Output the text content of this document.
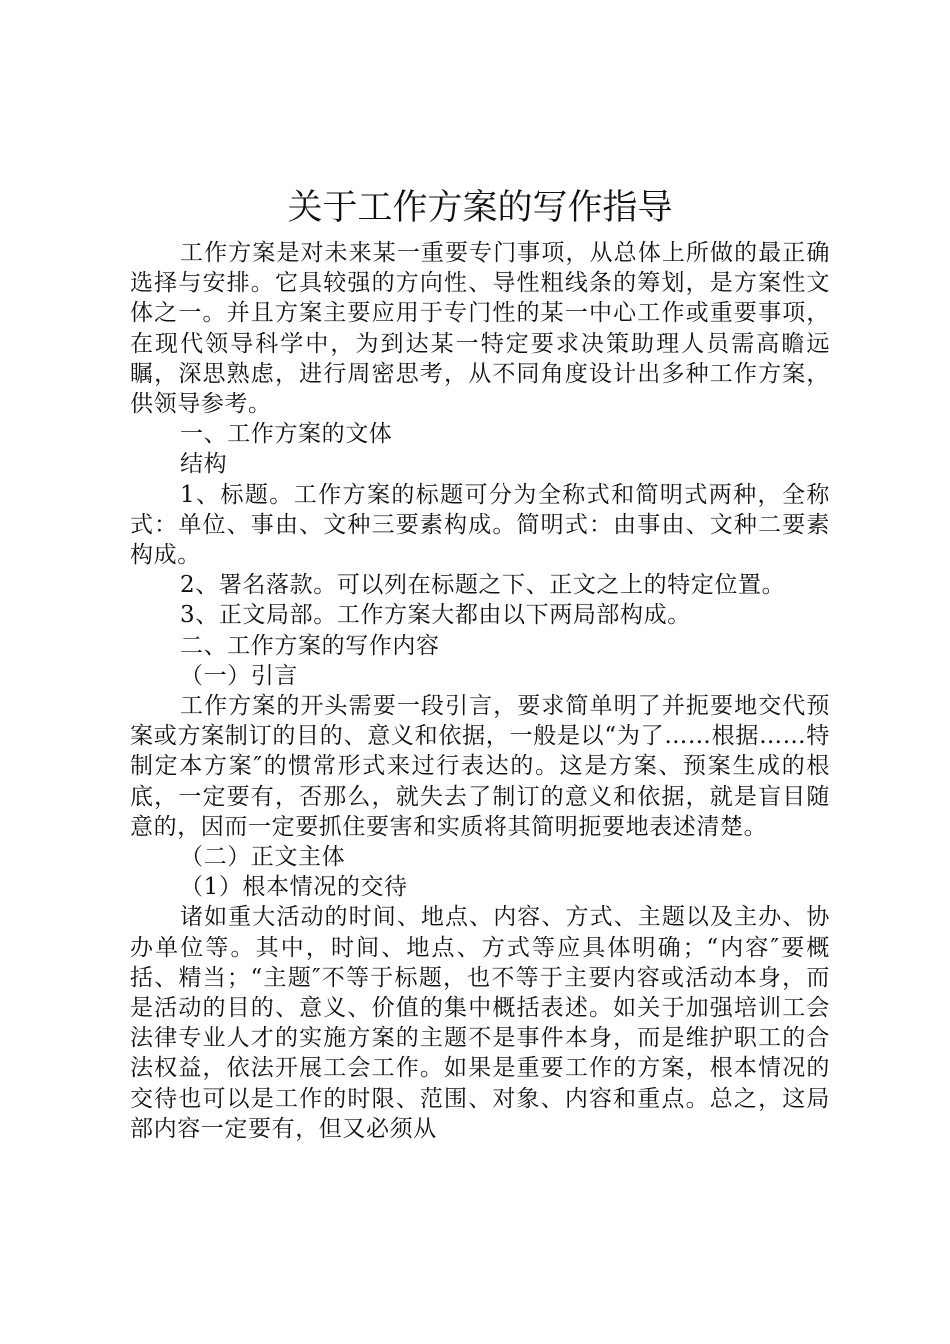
关于工作方案的写作指导

工作方案是对未来某一重要专门事项，从总体上所做的最正确选择与安排。它具较强的方向性、导性粗线条的筹划，是方案性文体之一。并且方案主要应用于专门性的某一中心工作或重要事项，在现代领导科学中，为到达某一特定要求决策助理人员需高瞻远瞩，深思熟虑，进行周密思考，从不同角度设计出多种工作方案，供领导参考。

一、工作方案的文体

结构

1、标题。工作方案的标题可分为全称式和简明式两种，全称式：单位、事由、文种三要素构成。简明式：由事由、文种二要素构成。

2、署名落款。可以列在标题之下、正文之上的特定位置。

3、正文局部。工作方案大都由以下两局部构成。

二、工作方案的写作内容

（一）引言

工作方案的开头需要一段引言，要求简单明了并扼要地交代预案或方案制订的目的、意义和依据，一般是以“为了……根据……特制定本方案″的惯常形式来过行表达的。这是方案、预案生成的根底，一定要有，否那么，就失去了制订的意义和依据，就是盲目随意的，因而一定要抓住要害和实质将其简明扼要地表述清楚。

（二）正文主体

（1）根本情况的交待

诸如重大活动的时间、地点、内容、方式、主题以及主办、协办单位等。其中，时间、地点、方式等应具体明确；“内容″要概括、精当；“主题″不等于标题，也不等于主要内容或活动本身，而是活动的目的、意义、价值的集中概括表述。如关于加强培训工会法律专业人才的实施方案的主题不是事件本身，而是维护职工的合法权益，依法开展工会工作。如果是重要工作的方案，根本情况的交待也可以是工作的时限、范围、对象、内容和重点。总之，这局部内容一定要有，但又必须从
